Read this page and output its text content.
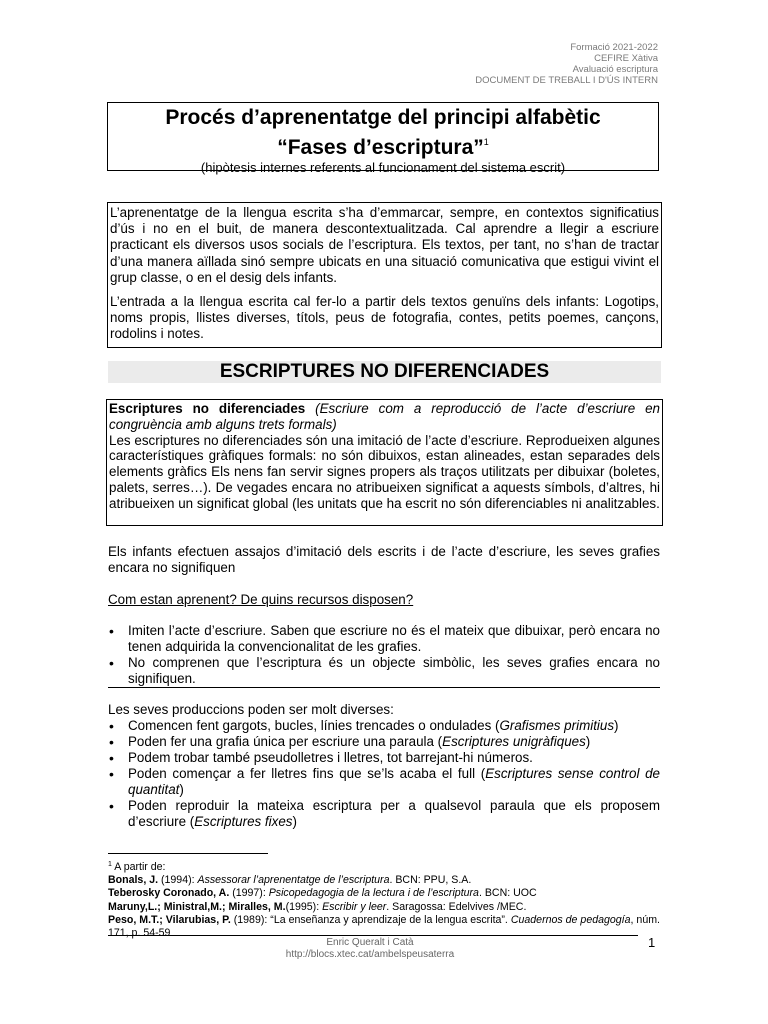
Formació 2021-2022
CEFIRE Xàtiva
Avaluació escriptura
DOCUMENT DE TREBALL I D'ÚS INTERN
Procés d’aprenentatge del principi alfabètic
“Fases d’escriptura”$^1$
(hipòtesis internes referents al funcionament del sistema escrit)

L’aprenentatge de la llengua escrita s’ha d’emmarcar, sempre, en contextos significatius d’ús i no en el buit, de manera descontextualitzada. Cal aprendre a llegir a escriure practicant els diversos usos socials de l’escriptura. Els textos, per tant, no s’han de tractar d’una manera aïllada sinó sempre ubicats en una situació comunicativa que estigui vivint el grup classe, o en el desig dels infants.

L’entrada a la llengua escrita cal fer-lo a partir dels textos genuïns dels infants: Logotips, noms propis, llistes diverses, títols, peus de fotografia, contes, petits poemes, cançons, rodolins i notes.

ESCRIPTURES NO DIFERENCIADES

Escriptures no diferenciades (Escriure com a reproducció de l’acte d’escriure en congruència amb alguns trets formals)

Les escriptures no diferenciades són una imitació de l’acte d’escriure. Reprodueixen algunes característiques gràfiques formals: no són dibuixos, estan alineades, estan separades dels elements gràfics Els nens fan servir signes propers als traços utilitzats per dibuixar (boletes, palets, serres…). De vegades encara no atribueixen significat a aquests símbols, d’altres, hi atribueixen un significat global (les unitats que ha escrit no són diferenciables ni analitzables.

Els infants efectuen assajos d’imitació dels escrits i de l’acte d’escriure, les seves grafies encara no signifiquen

Com estan aprenent? De quins recursos disposen?

• Imiten l’acte d’escriure. Saben que escriure no és el mateix que dibuixar, però encara no tenen adquirida la convencionalitat de les grafies.
• No comprenen que l’escriptura és un objecte simbòlic, les seves grafies encara no signifiquen.

Les seves produccions poden ser molt diverses:

• Comencen fent gargots, bucles, línies trencades o ondulades (Grafismes primitius)
• Poden fer una grafia única per escriure una paraula (Escriptures unigràfiques)
• Podem trobar també pseudolletres i lletres, tot barrejant-hi números.
• Poden començar a fer lletres fins que se’ls acaba el full (Escriptures sense control de quantitat)
• Poden reproduir la mateixa escriptura per a qualsevol paraula que els proposem d’escriure (Escriptures fixes)

$^1$ A partir de:

Bonals, J. (1994): Assessorar l’aprenentatge de l’escriptura. BCN: PPU, S.A.

Teberosky Coronado, A. (1997): Psicopedagogia de la lectura i de l’escriptura. BCN: UOC

Maruny,L.; Ministral,M.; Miralles, M.(1995): Escribir y leer. Saragossa: Edelvives /MEC.

Peso, M.T.; Vilarubias, P. (1989): “La enseñanza y aprendizaje de la lengua escrita”. Cuadernos de pedagogía, núm. 171, p. 54-59

Enric Queralt i Catà
http://blocs.xtec.cat/ambelspeusaterra
1
